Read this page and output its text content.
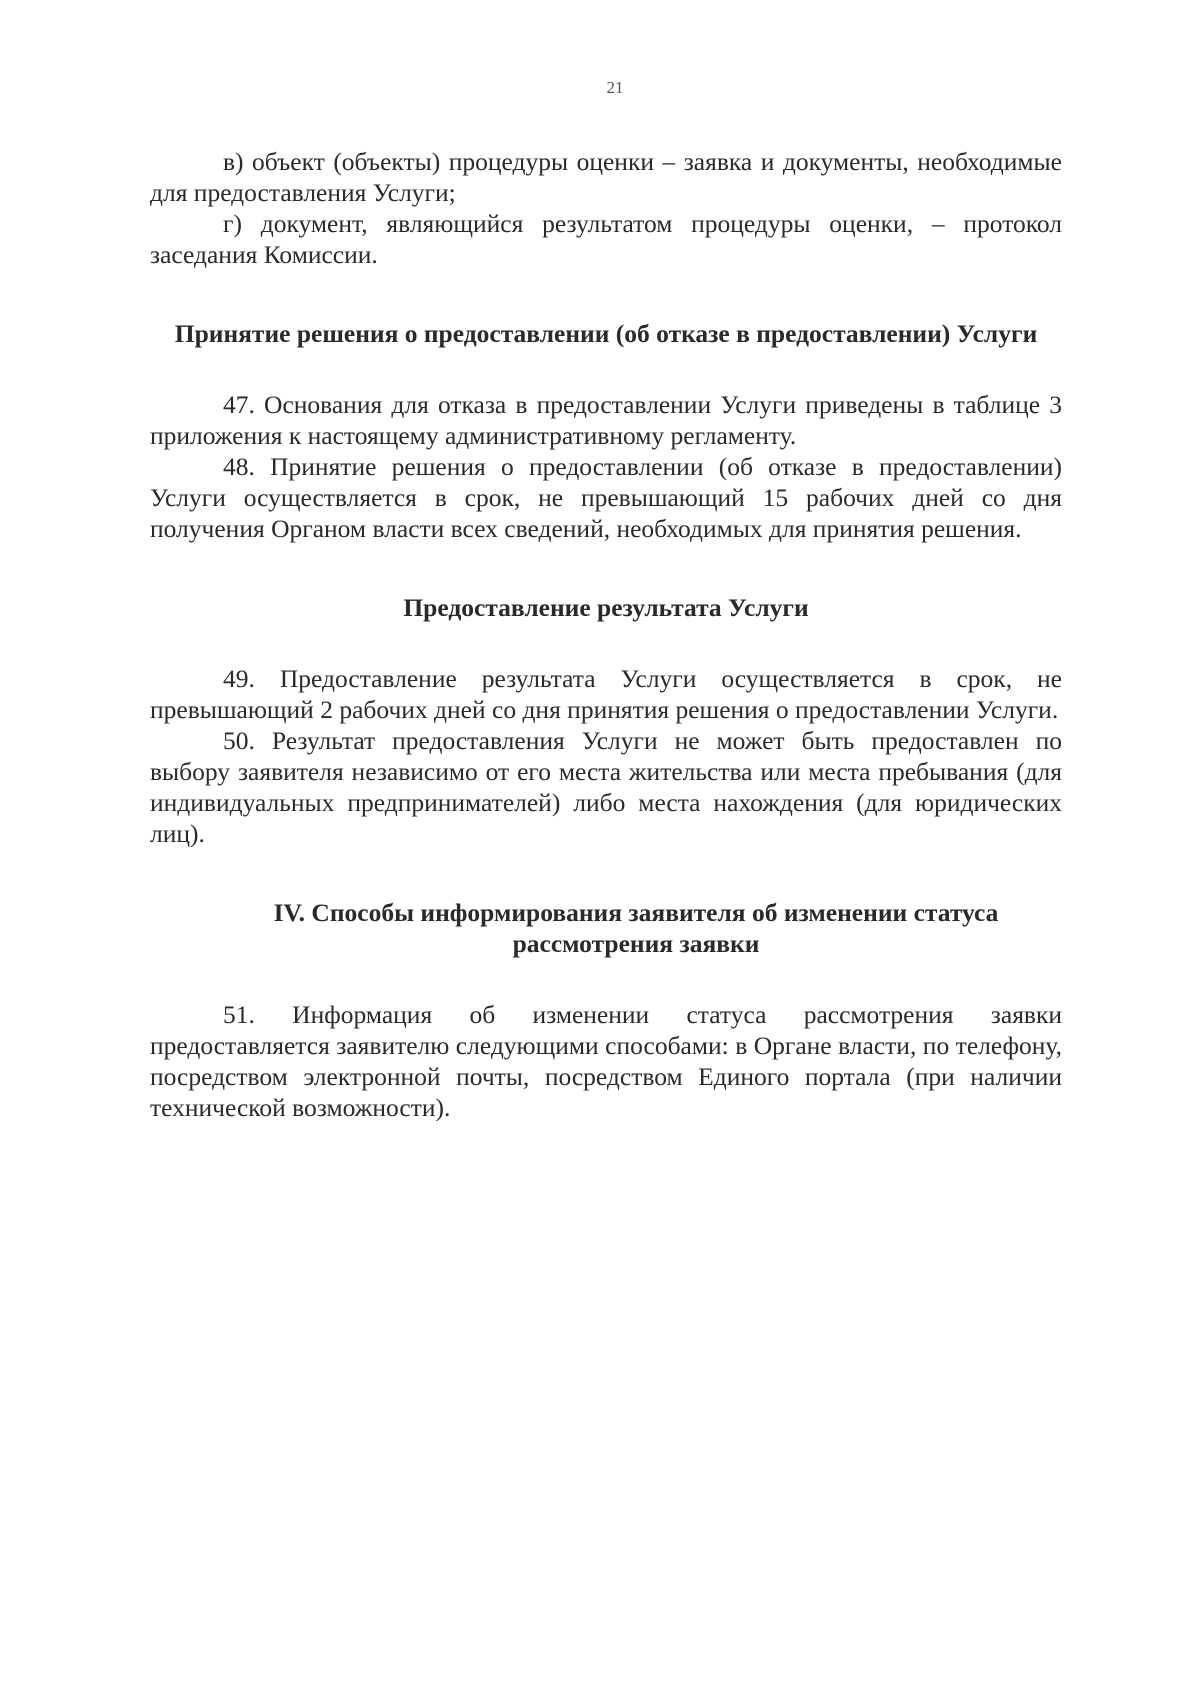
21

в) объект (объекты) процедуры оценки – заявка и документы, необходимые для предоставления Услуги;

г) документ, являющийся результатом процедуры оценки, – протокол заседания Комиссии.

Принятие решения о предоставлении (об отказе в предоставлении) Услуги

47. Основания для отказа в предоставлении Услуги приведены в таблице 3 приложения к настоящему административному регламенту.

48. Принятие решения о предоставлении (об отказе в предоставлении) Услуги осуществляется в срок, не превышающий 15 рабочих дней со дня получения Органом власти всех сведений, необходимых для принятия решения.

Предоставление результата Услуги

49. Предоставление результата Услуги осуществляется в срок, не превышающий 2 рабочих дней со дня принятия решения о предоставлении Услуги.

50. Результат предоставления Услуги не может быть предоставлен по выбору заявителя независимо от его места жительства или места пребывания (для индивидуальных предпринимателей) либо места нахождения (для юридических лиц).

IV. Способы информирования заявителя об изменении статуса рассмотрения заявки

51. Информация об изменении статуса рассмотрения заявки предоставляется заявителю следующими способами: в Органе власти, по телефону, посредством электронной почты, посредством Единого портала (при наличии технической возможности).
